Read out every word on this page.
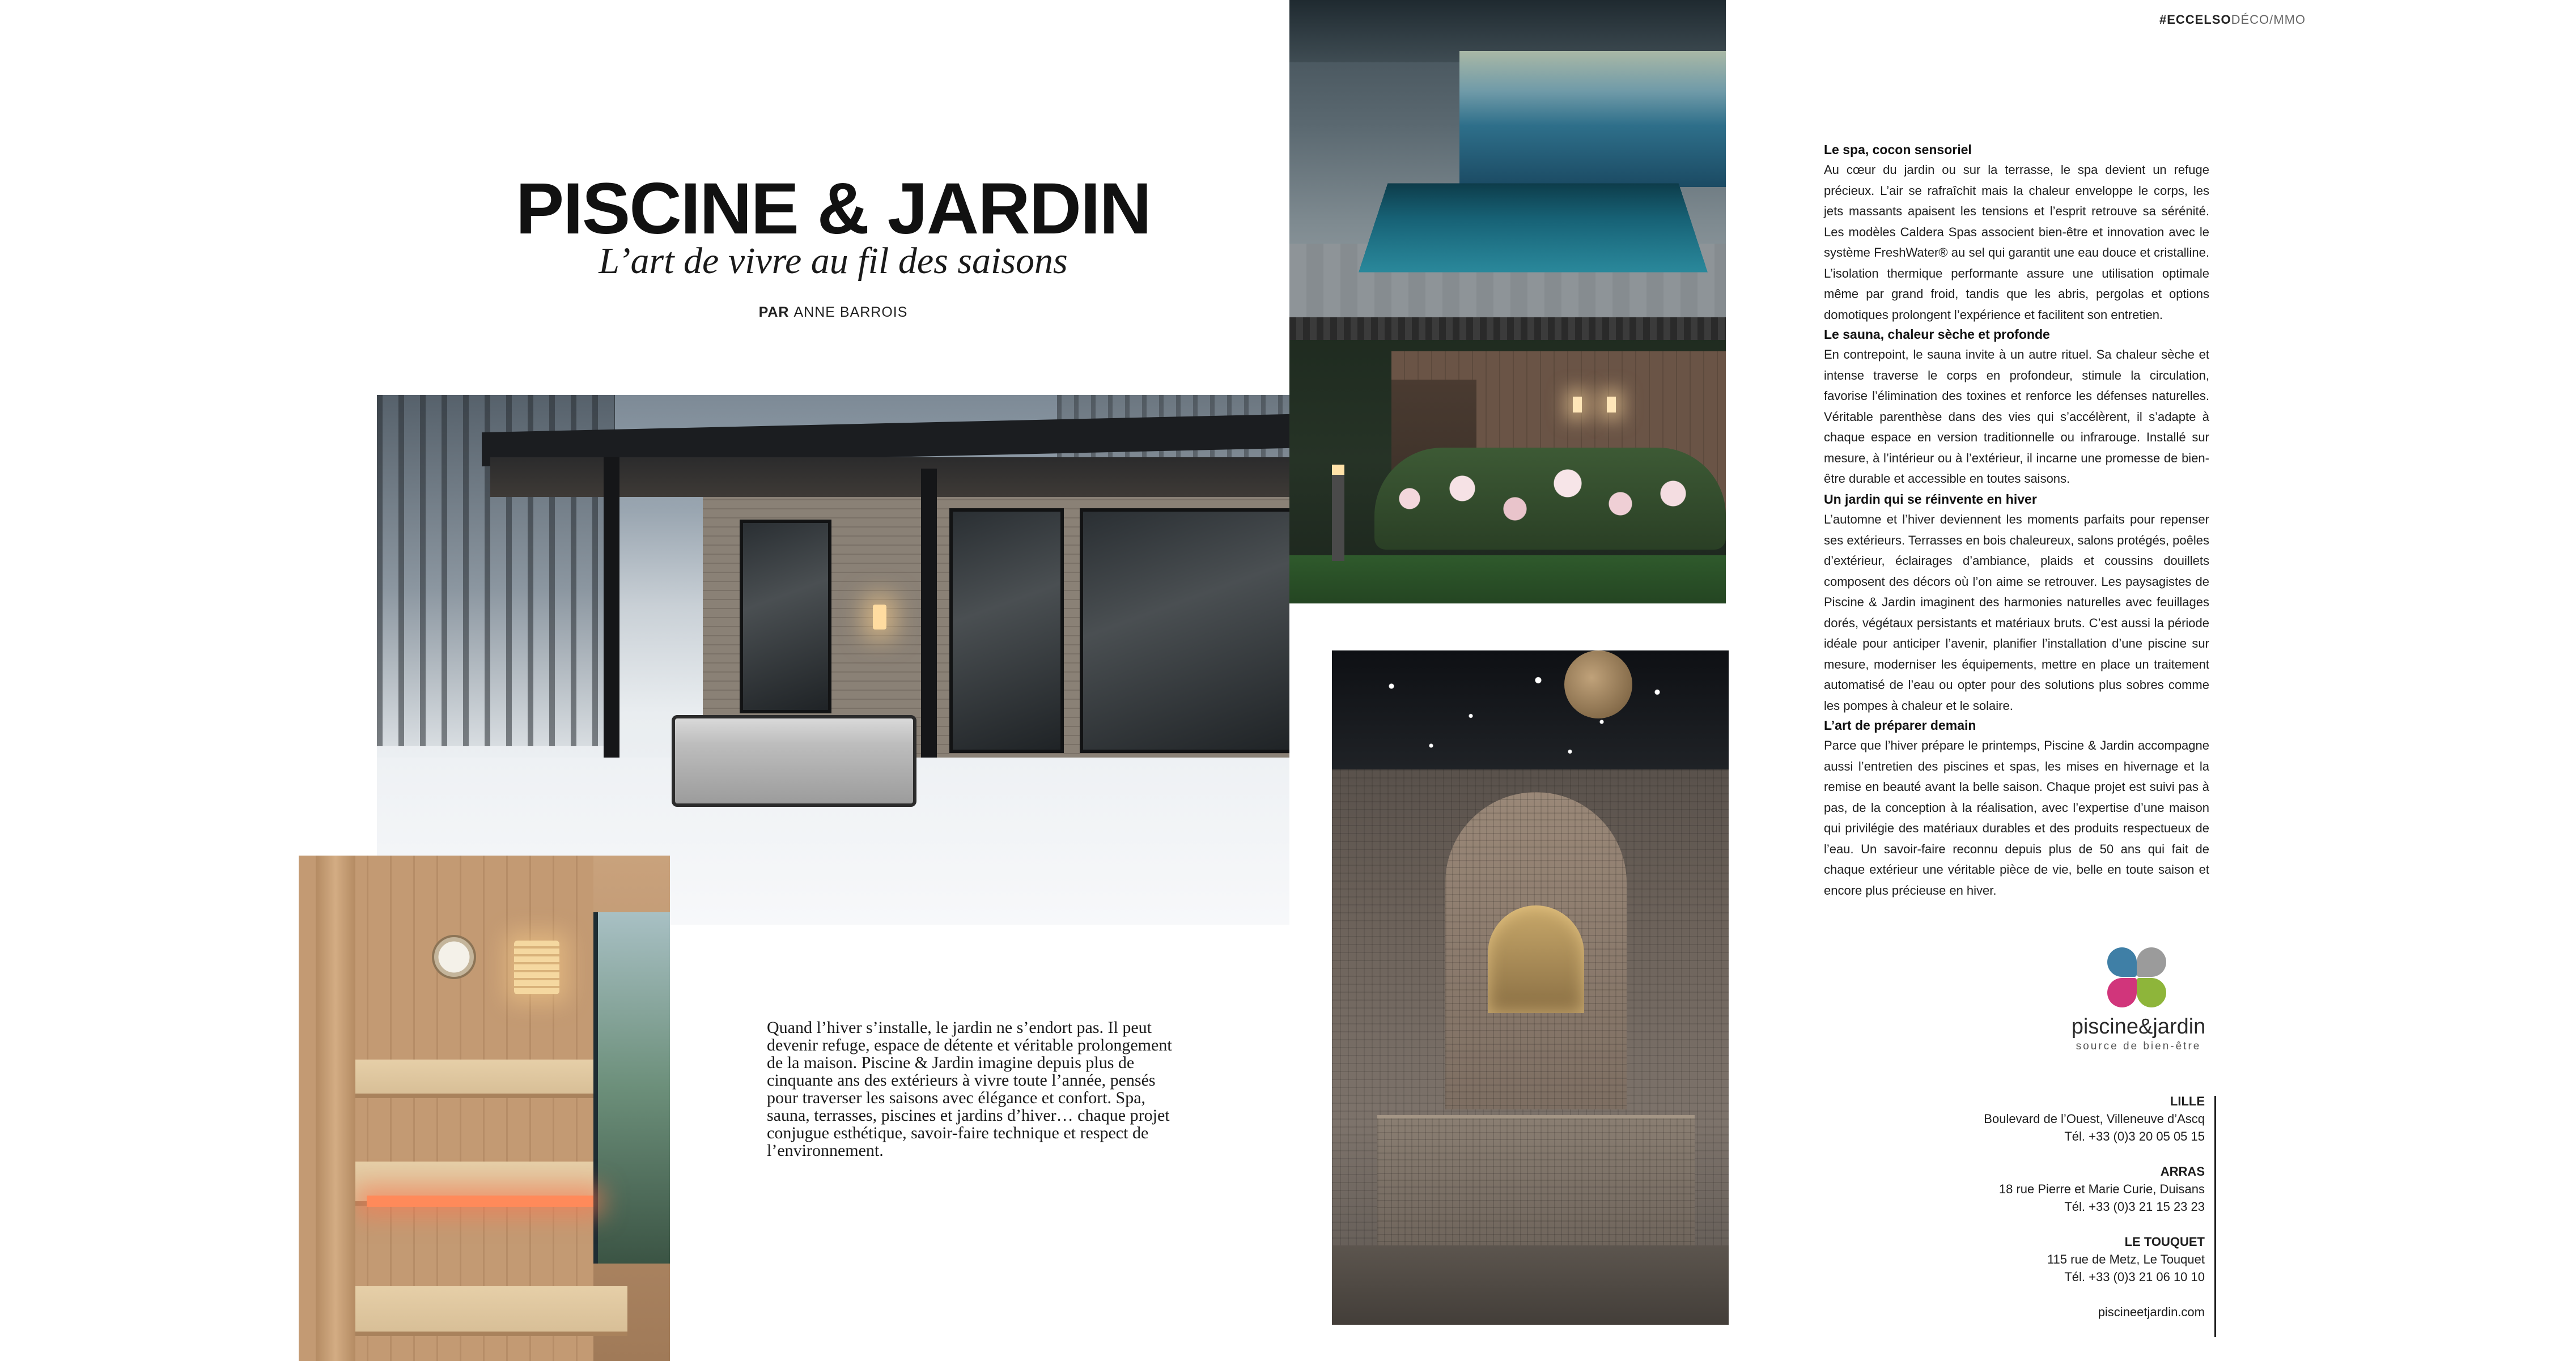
#ECCELSODÉCO/MMO
PISCINE & JARDIN
L’art de vivre au fil des saisons
PAR ANNE BARROIS
Quand l’hiver s’installe, le jardin ne s’endort pas. Il peut devenir refuge, espace de détente et véritable prolongement de la maison. Piscine & Jardin imagine depuis plus de cinquante ans des extérieurs à vivre toute l’année, pensés pour traverser les saisons avec élégance et confort. Spa, sauna, terrasses, piscines et jardins d’hiver… chaque projet conjugue esthétique, savoir-faire technique et respect de l’environnement.
Le spa, cocon sensoriel

Au cœur du jardin ou sur la terrasse, le spa devient un refuge précieux. L’air se rafraîchit mais la chaleur enveloppe le corps, les jets massants apaisent les tensions et l’esprit retrouve sa sérénité. Les modèles Caldera Spas associent bien-être et innovation avec le système FreshWater® au sel qui garantit une eau douce et cristalline. L’isolation thermique performante assure une utilisation optimale même par grand froid, tandis que les abris, pergolas et options domotiques prolongent l’expérience et facilitent son entretien.

Le sauna, chaleur sèche et profonde

En contrepoint, le sauna invite à un autre rituel. Sa chaleur sèche et intense traverse le corps en profondeur, stimule la circulation, favorise l’élimination des toxines et renforce les défenses naturelles. Véritable parenthèse dans des vies qui s’accélèrent, il s’adapte à chaque espace en version traditionnelle ou infrarouge. Installé sur mesure, à l’intérieur ou à l’extérieur, il incarne une promesse de bien-être durable et accessible en toutes saisons.

Un jardin qui se réinvente en hiver

L’automne et l’hiver deviennent les moments parfaits pour repenser ses extérieurs. Terrasses en bois chaleureux, salons protégés, poêles d’extérieur, éclairages d’ambiance, plaids et coussins douillets composent des décors où l’on aime se retrouver. Les paysagistes de Piscine & Jardin imaginent des harmonies naturelles avec feuillages dorés, végétaux persistants et matériaux bruts. C’est aussi la période idéale pour anticiper l’avenir, planifier l’installation d’une piscine sur mesure, moderniser les équipements, mettre en place un traitement automatisé de l’eau ou opter pour des solutions plus sobres comme les pompes à chaleur et le solaire.

L’art de préparer demain

Parce que l’hiver prépare le printemps, Piscine & Jardin accompagne aussi l’entretien des piscines et spas, les mises en hivernage et la remise en beauté avant la belle saison. Chaque projet est suivi pas à pas, de la conception à la réalisation, avec l’expertise d’une maison qui privilégie des matériaux durables et des produits respectueux de l’eau. Un savoir-faire reconnu depuis plus de 50 ans qui fait de chaque extérieur une véritable pièce de vie, belle en toute saison et encore plus précieuse en hiver.

piscine&jardin
source de bien-être
LILLE
Boulevard de l’Ouest, Villeneuve d’Ascq
Tél. +33 (0)3 20 05 05 15
ARRAS
18 rue Pierre et Marie Curie, Duisans
Tél. +33 (0)3 21 15 23 23
LE TOUQUET
115 rue de Metz, Le Touquet
Tél. +33 (0)3 21 06 10 10
piscineetjardin.com
